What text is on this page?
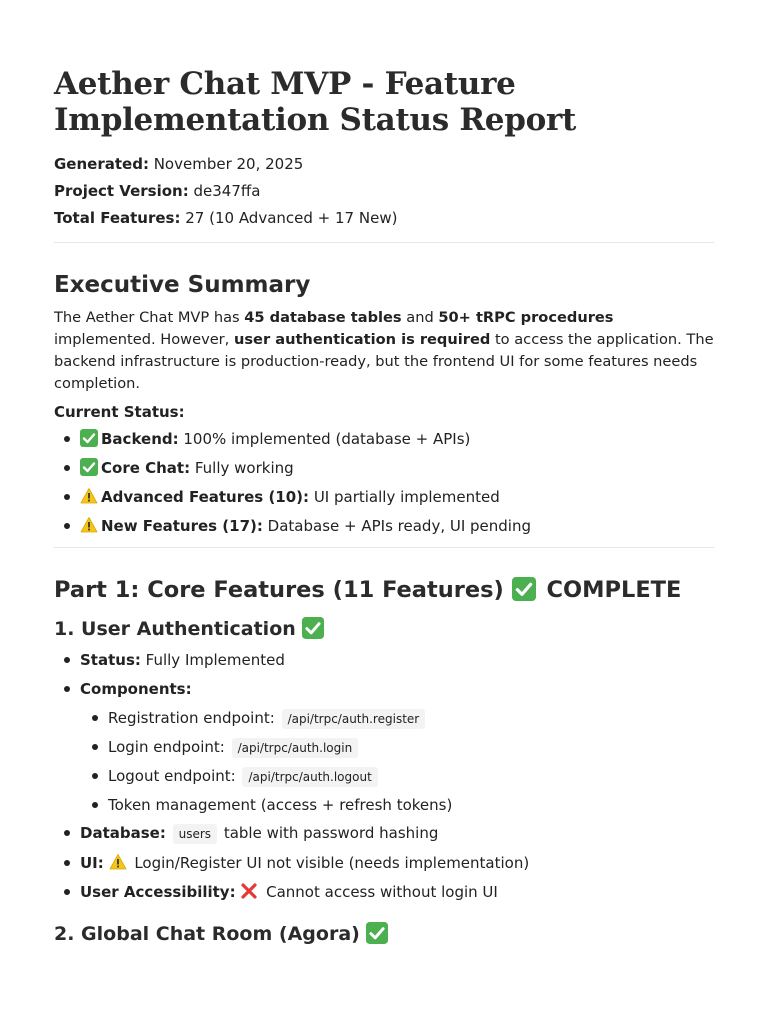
Aether Chat MVP - Feature Implementation Status Report

Generated: November 20, 2025

Project Version: de347ffa

Total Features: 27 (10 Advanced + 17 New)

Executive Summary

The Aether Chat MVP has 45 database tables and 50+ tRPC procedures implemented. However, user authentication is required to access the application. The backend infrastructure is production-ready, but the frontend UI for some features needs completion.

Current Status:
Backend: 100% implemented (database + APIs)
Core Chat: Fully working
Advanced Features (10): UI partially implemented
New Features (17): Database + APIs ready, UI pending
Part 1: Core Features (11 Features)  COMPLETE
1. User Authentication
Status: Fully Implemented
Components:
Registration endpoint: /api/trpc/auth.register
Login endpoint: /api/trpc/auth.login
Logout endpoint: /api/trpc/auth.logout
Token management (access + refresh tokens)
Database: users table with password hashing
UI:  Login/Register UI not visible (needs implementation)
User Accessibility:  Cannot access without login UI
2. Global Chat Room (Agora)
